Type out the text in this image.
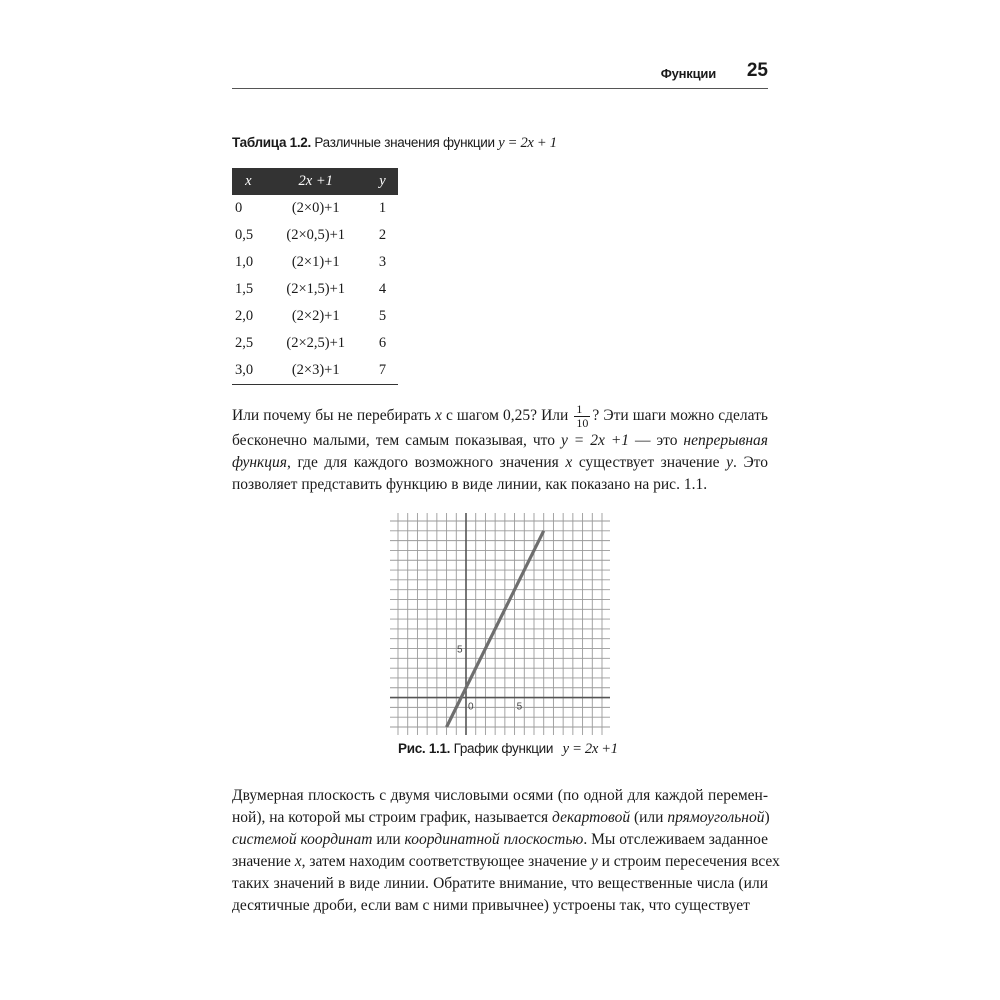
Функции 25
Таблица 1.2. Различные значения функции y = 2x + 1
x	2x +1	y
0	(2×0)+1	1
0,5	(2×0,5)+1	2
1,0	(2×1)+1	3
1,5	(2×1,5)+1	4
2,0	(2×2)+1	5
2,5	(2×2,5)+1	6
3,0	(2×3)+1	7
Или почему бы не перебирать x с шагом 0,25? Или $\frac{1}{10}$ ? Эти шаги можно сделать
бесконечно малыми, тем самым показывая, что y = 2x +1 — это непрерывная
функция, где для каждого возможного значения x существует значение y. Это
позволяет представить функцию в виде линии, как показано на рис. 1.1.
0	5
5
Рис. 1.1. График функции y = 2x +1
Двумерная плоскость с двумя числовыми осями (по одной для каждой перемен-
ной), на которой мы строим график, называется декартовой (или прямоугольной)
системой координат или координатной плоскостью. Мы отслеживаем заданное
значение x, затем находим соответствующее значение y и строим пересечения всех
таких значений в виде линии. Обратите внимание, что вещественные числа (или
десятичные дроби, если вам с ними привычнее) устроены так, что существует
